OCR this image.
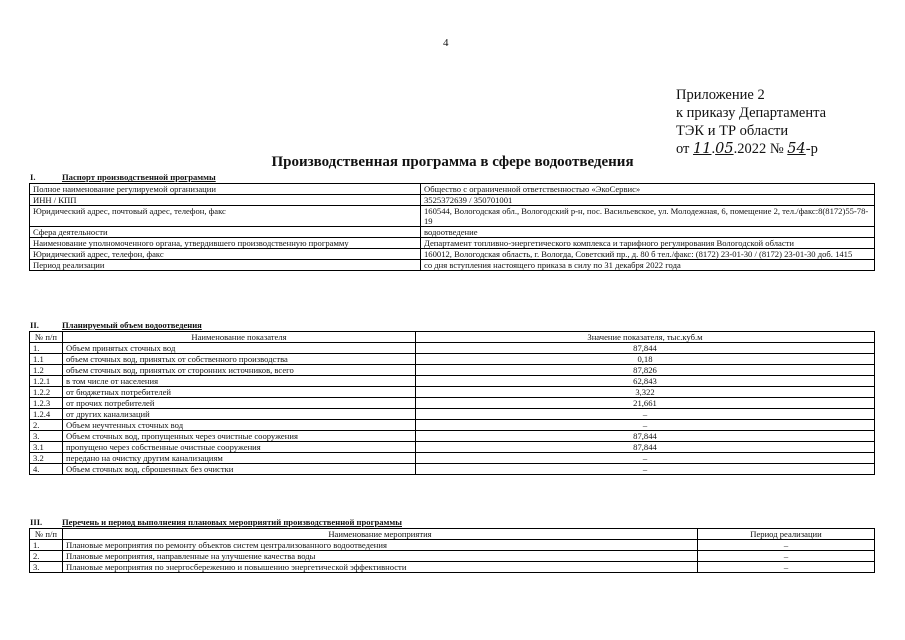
4
Приложение 2
к приказу Департамента
ТЭК и ТР области
от 11.05.2022 № 54-р
Производственная программа в сфере водоотведения
I.	Паспорт производственной программы
Полное наименование регулируемой организации	Общество с ограниченной ответственностью «ЭкоСервис»
ИНН / КПП	3525372639 / 350701001
Юридический адрес, почтовый адрес, телефон, факс	160544, Вологодская обл., Вологодский р-н, пос. Васильевское, ул. Молодежная, 6, помещение 2, тел./факс:8(8172)55-78-19
Сфера деятельности	водоотведение
Наименование уполномоченного органа, утвердившего производственную программу	Департамент топливно-энергетического комплекса и тарифного регулирования Вологодской области
Юридический адрес, телефон, факс	160012, Вологодская область, г. Вологда, Советский пр., д. 80 б тел./факс: (8172) 23-01-30 / (8172) 23-01-30 доб. 1415
Период реализации	со дня вступления настоящего приказа в силу по 31 декабря 2022 года
II.	Планируемый объем водоотведения
№ п/п	Наименование показателя	Значение показателя, тыс.куб.м
1.	Объем принятых сточных вод	87,844
1.1	объем сточных вод, принятых от собственного производства	0,18
1.2	объем сточных вод, принятых от сторонних источников, всего	87,826
1.2.1	в том числе от населения	62,843
1.2.2	от бюджетных потребителей	3,322
1.2.3	от прочих потребителей	21,661
1.2.4	от других канализаций	–
2.	Объем неучтенных сточных вод	–
3.	Объем сточных вод, пропущенных через очистные сооружения	87,844
3.1	пропущено через собственные очистные сооружения	87,844
3.2	передано на очистку другим канализациям	–
4.	Объем сточных вод, сброшенных без очистки	–
III. Перечень и период выполнения плановых мероприятий производственной программы
№ п/п	Наименование мероприятия	Период реализации
1.	Плановые мероприятия по ремонту объектов систем централизованного водоотведения	–
2.	Плановые мероприятия, направленные на улучшение качества воды	–
3.	Плановые мероприятия по энергосбережению и повышению энергетической эффективности	–
